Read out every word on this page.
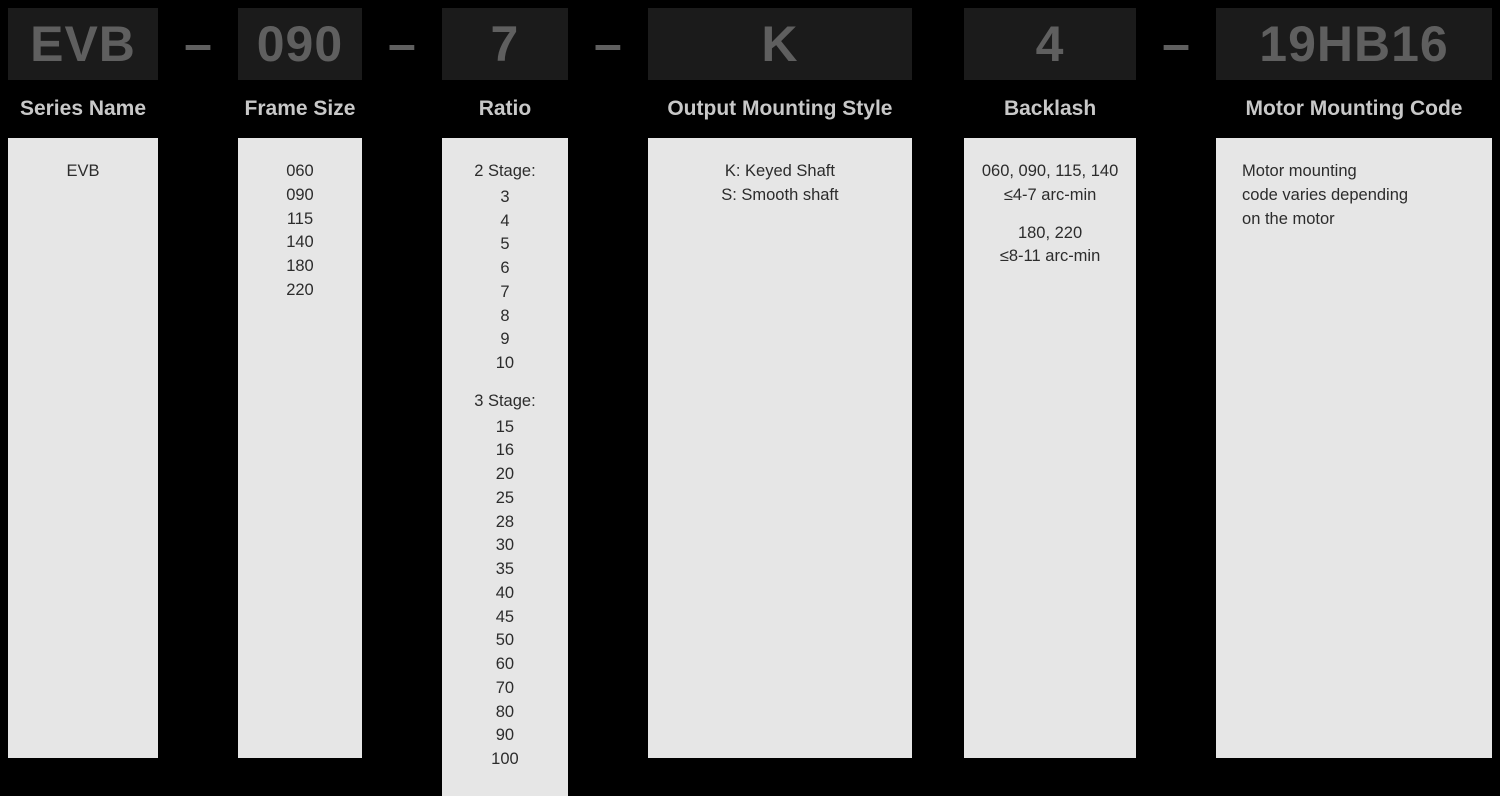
EVB
Series Name
EVB
– 090
Frame Size
060
090
115
140
180
220
–	7
Ratio
2 Stage:
3
4
5
6
7
8
9
10
3 Stage:
15
16
20
25
28
30
35
40
45
50
60
70
80
90
100
–	K
Output Mounting Style
K: Keyed Shaft
S: Smooth shaft
4
Backlash
060, 090, 115, 140
≤4-7 arc-min
180, 220
≤8-11 arc-min
–	19HB16
Motor Mounting Code
Motor mounting
code varies depending
on the motor
